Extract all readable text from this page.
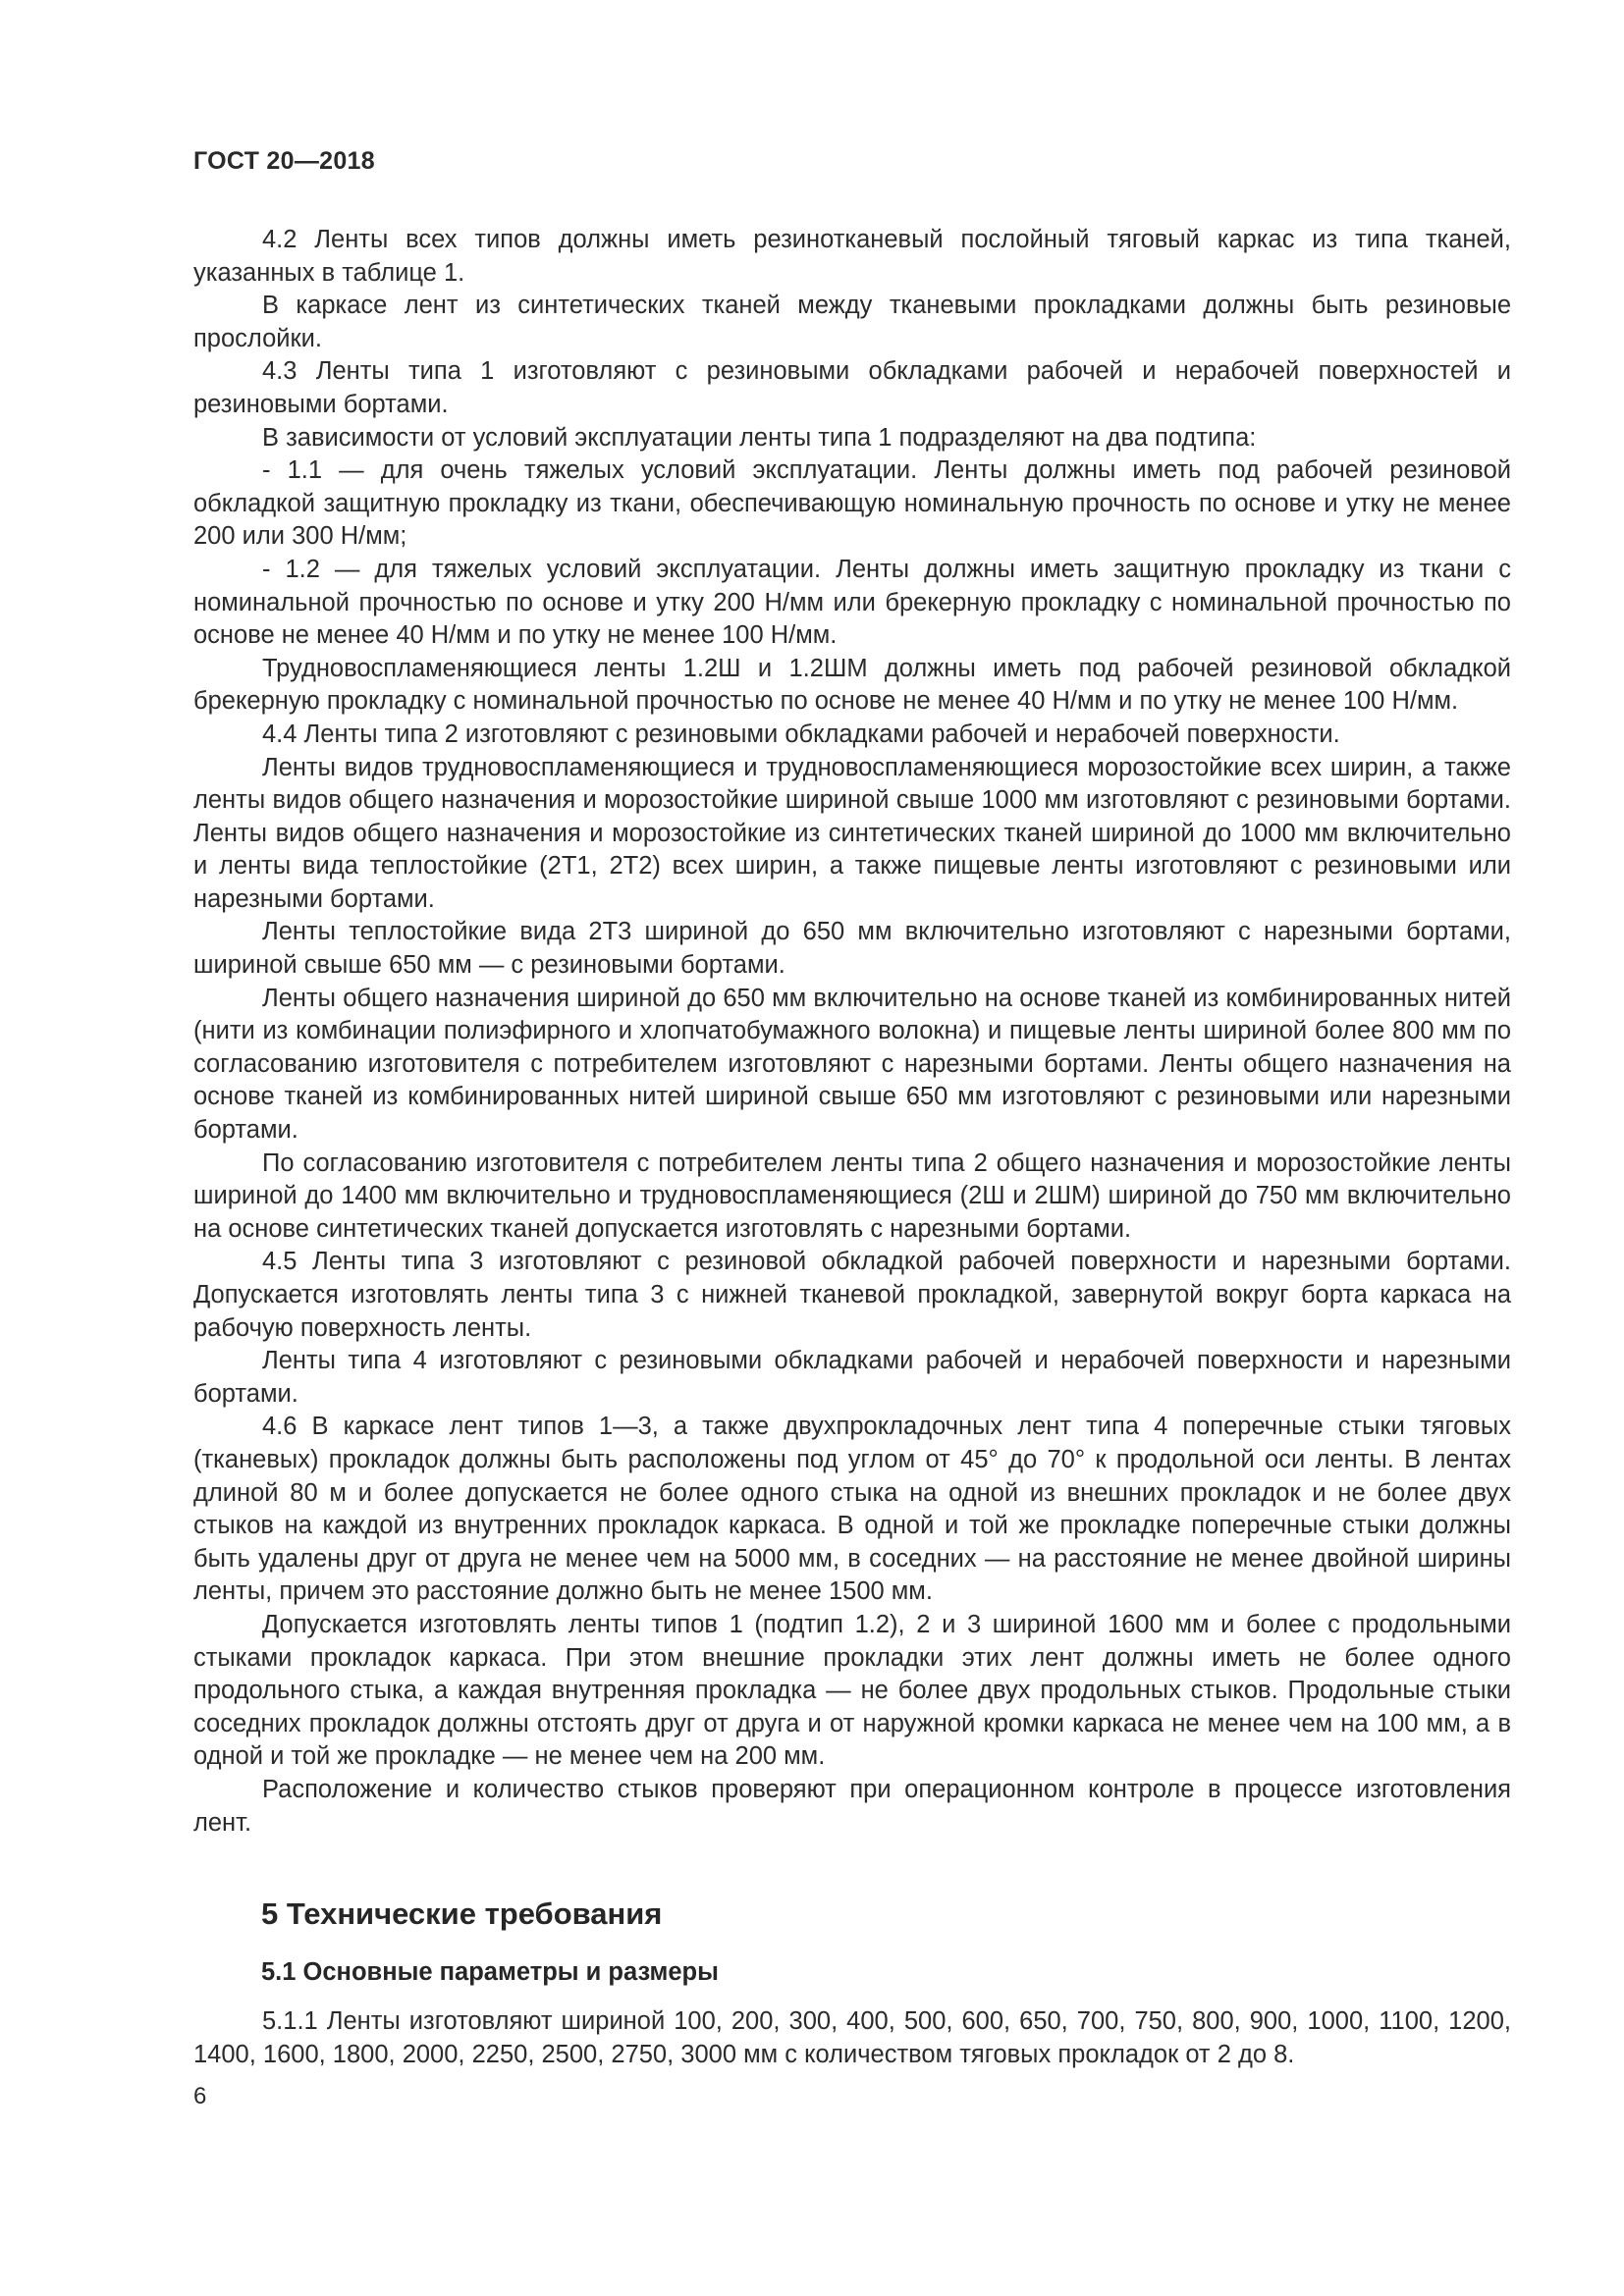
ГОСТ 20—2018

4.2 Ленты всех типов должны иметь резинотканевый послойный тяговый каркас из типа тканей, указанных в таблице 1.

В каркасе лент из синтетических тканей между тканевыми прокладками должны быть резиновые прослойки.

4.3 Ленты типа 1 изготовляют с резиновыми обкладками рабочей и нерабочей поверхностей и резиновыми бортами.

В зависимости от условий эксплуатации ленты типа 1 подразделяют на два подтипа:

- 1.1 — для очень тяжелых условий эксплуатации. Ленты должны иметь под рабочей резиновой обкладкой защитную прокладку из ткани, обеспечивающую номинальную прочность по основе и утку не менее 200 или 300 Н/мм;

- 1.2 — для тяжелых условий эксплуатации. Ленты должны иметь защитную прокладку из ткани с номинальной прочностью по основе и утку 200 Н/мм или брекерную прокладку с номинальной прочностью по основе не менее 40 Н/мм и по утку не менее 100 Н/мм.

Трудновоспламеняющиеся ленты 1.2Ш и 1.2ШМ должны иметь под рабочей резиновой обкладкой брекерную прокладку с номинальной прочностью по основе не менее 40 Н/мм и по утку не менее 100 Н/мм.

4.4 Ленты типа 2 изготовляют с резиновыми обкладками рабочей и нерабочей поверхности.

Ленты видов трудновоспламеняющиеся и трудновоспламеняющиеся морозостойкие всех ширин, а также ленты видов общего назначения и морозостойкие шириной свыше 1000 мм изготовляют с резиновыми бортами. Ленты видов общего назначения и морозостойкие из синтетических тканей шириной до 1000 мм включительно и ленты вида теплостойкие (2Т1, 2Т2) всех ширин, а также пищевые ленты изготовляют с резиновыми или нарезными бортами.

Ленты теплостойкие вида 2Т3 шириной до 650 мм включительно изготовляют с нарезными бортами, шириной свыше 650 мм — с резиновыми бортами.

Ленты общего назначения шириной до 650 мм включительно на основе тканей из комбинированных нитей (нити из комбинации полиэфирного и хлопчатобумажного волокна) и пищевые ленты шириной более 800 мм по согласованию изготовителя с потребителем изготовляют с нарезными бортами. Ленты общего назначения на основе тканей из комбинированных нитей шириной свыше 650 мм изготовляют с резиновыми или нарезными бортами.

По согласованию изготовителя с потребителем ленты типа 2 общего назначения и морозостойкие ленты шириной до 1400 мм включительно и трудновоспламеняющиеся (2Ш и 2ШМ) шириной до 750 мм включительно на основе синтетических тканей допускается изготовлять с нарезными бортами.

4.5 Ленты типа 3 изготовляют с резиновой обкладкой рабочей поверхности и нарезными бортами. Допускается изготовлять ленты типа 3 с нижней тканевой прокладкой, завернутой вокруг борта каркаса на рабочую поверхность ленты.

Ленты типа 4 изготовляют с резиновыми обкладками рабочей и нерабочей поверхности и нарезными бортами.

4.6 В каркасе лент типов 1—3, а также двухпрокладочных лент типа 4 поперечные стыки тяговых (тканевых) прокладок должны быть расположены под углом от 45° до 70° к продольной оси ленты. В лентах длиной 80 м и более допускается не более одного стыка на одной из внешних прокладок и не более двух стыков на каждой из внутренних прокладок каркаса. В одной и той же прокладке поперечные стыки должны быть удалены друг от друга не менее чем на 5000 мм, в соседних — на расстояние не менее двойной ширины ленты, причем это расстояние должно быть не менее 1500 мм.

Допускается изготовлять ленты типов 1 (подтип 1.2), 2 и 3 шириной 1600 мм и более с продольными стыками прокладок каркаса. При этом внешние прокладки этих лент должны иметь не более одного продольного стыка, а каждая внутренняя прокладка — не более двух продольных стыков. Продольные стыки соседних прокладок должны отстоять друг от друга и от наружной кромки каркаса не менее чем на 100 мм, а в одной и той же прокладке — не менее чем на 200 мм.

Расположение и количество стыков проверяют при операционном контроле в процессе изготовления лент.

5 Технические требования
5.1 Основные параметры и размеры

5.1.1 Ленты изготовляют шириной 100, 200, 300, 400, 500, 600, 650, 700, 750, 800, 900, 1000, 1100, 1200, 1400, 1600, 1800, 2000, 2250, 2500, 2750, 3000 мм с количеством тяговых прокладок от 2 до 8.

6
